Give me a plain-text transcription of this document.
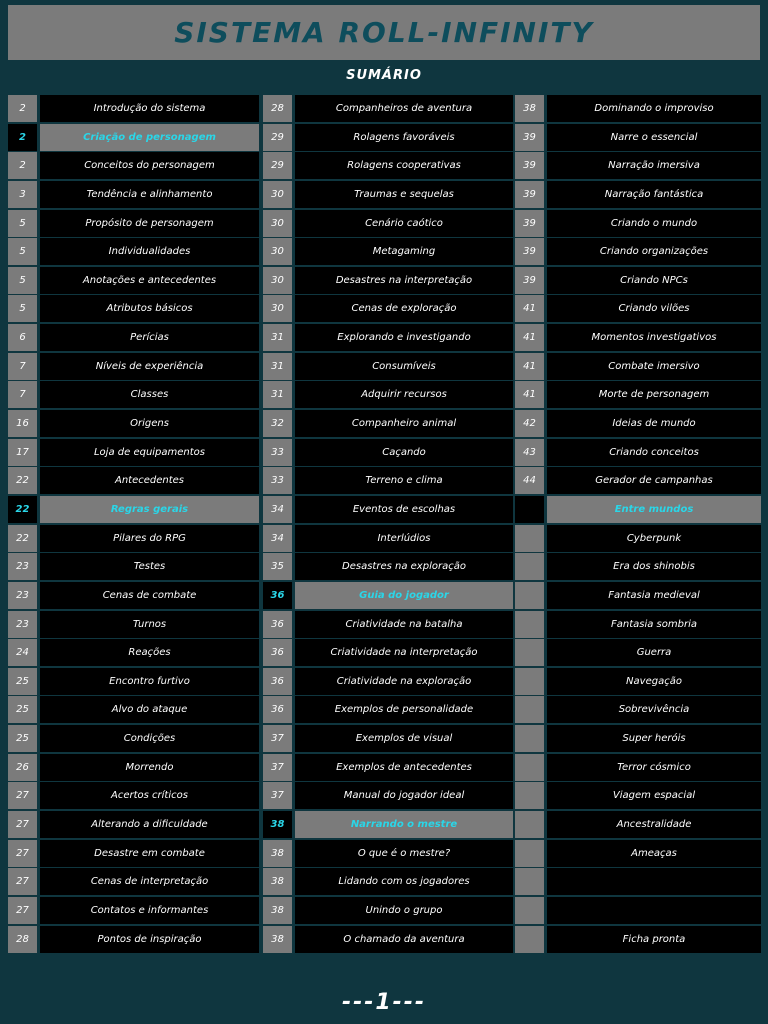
SISTEMA ROLL-INFINITY
SUMÁRIO
2	Introdução do sistema
2	Criação de personagem
2	Conceitos do personagem
3	Tendência e alinhamento
5	Propósito de personagem
5	Individualidades
5	Anotações e antecedentes
5	Atributos básicos
6	Perícias
7	Níveis de experiência
7	Classes
16	Origens
17	Loja de equipamentos
22	Antecedentes
22	Regras gerais
22	Pilares do RPG
23	Testes
23	Cenas de combate
23	Turnos
24	Reações
25	Encontro furtivo
25	Alvo do ataque
25	Condições
26	Morrendo
27	Acertos críticos
27	Alterando a dificuldade
27	Desastre em combate
27	Cenas de interpretação
27	Contatos e informantes
28	Pontos de inspiração
28	Companheiros de aventura
29	Rolagens favoráveis
29	Rolagens cooperativas
30	Traumas e sequelas
30	Cenário caótico
30	Metagaming
30	Desastres na interpretação
30	Cenas de exploração
31	Explorando e investigando
31	Consumíveis
31	Adquirir recursos
32	Companheiro animal
33	Caçando
33	Terreno e clima
34	Eventos de escolhas
34	Interlúdios
35	Desastres na exploração
36	Guia do jogador
36	Criatividade na batalha
36	Criatividade na interpretação
36	Criatividade na exploração
36	Exemplos de personalidade
37	Exemplos de visual
37	Exemplos de antecedentes
37	Manual do jogador ideal
38	Narrando o mestre
38	O que é o mestre?
38	Lidando com os jogadores
38	Unindo o grupo
38	O chamado da aventura
38	Dominando o improviso
39	Narre o essencial
39	Narração imersiva
39	Narração fantástica
39	Criando o mundo
39	Criando organizações
39	Criando NPCs
41	Criando vilões
41	Momentos investigativos
41	Combate imersivo
41	Morte de personagem
42	Ideias de mundo
43	Criando conceitos
44	Gerador de campanhas
Entre mundos
Cyberpunk
Era dos shinobis
Fantasia medieval
Fantasia sombria
Guerra
Navegação
Sobrevivência
Super heróis
Terror cósmico
Viagem espacial
Ancestralidade
Ameaças
Ficha pronta
---1---
